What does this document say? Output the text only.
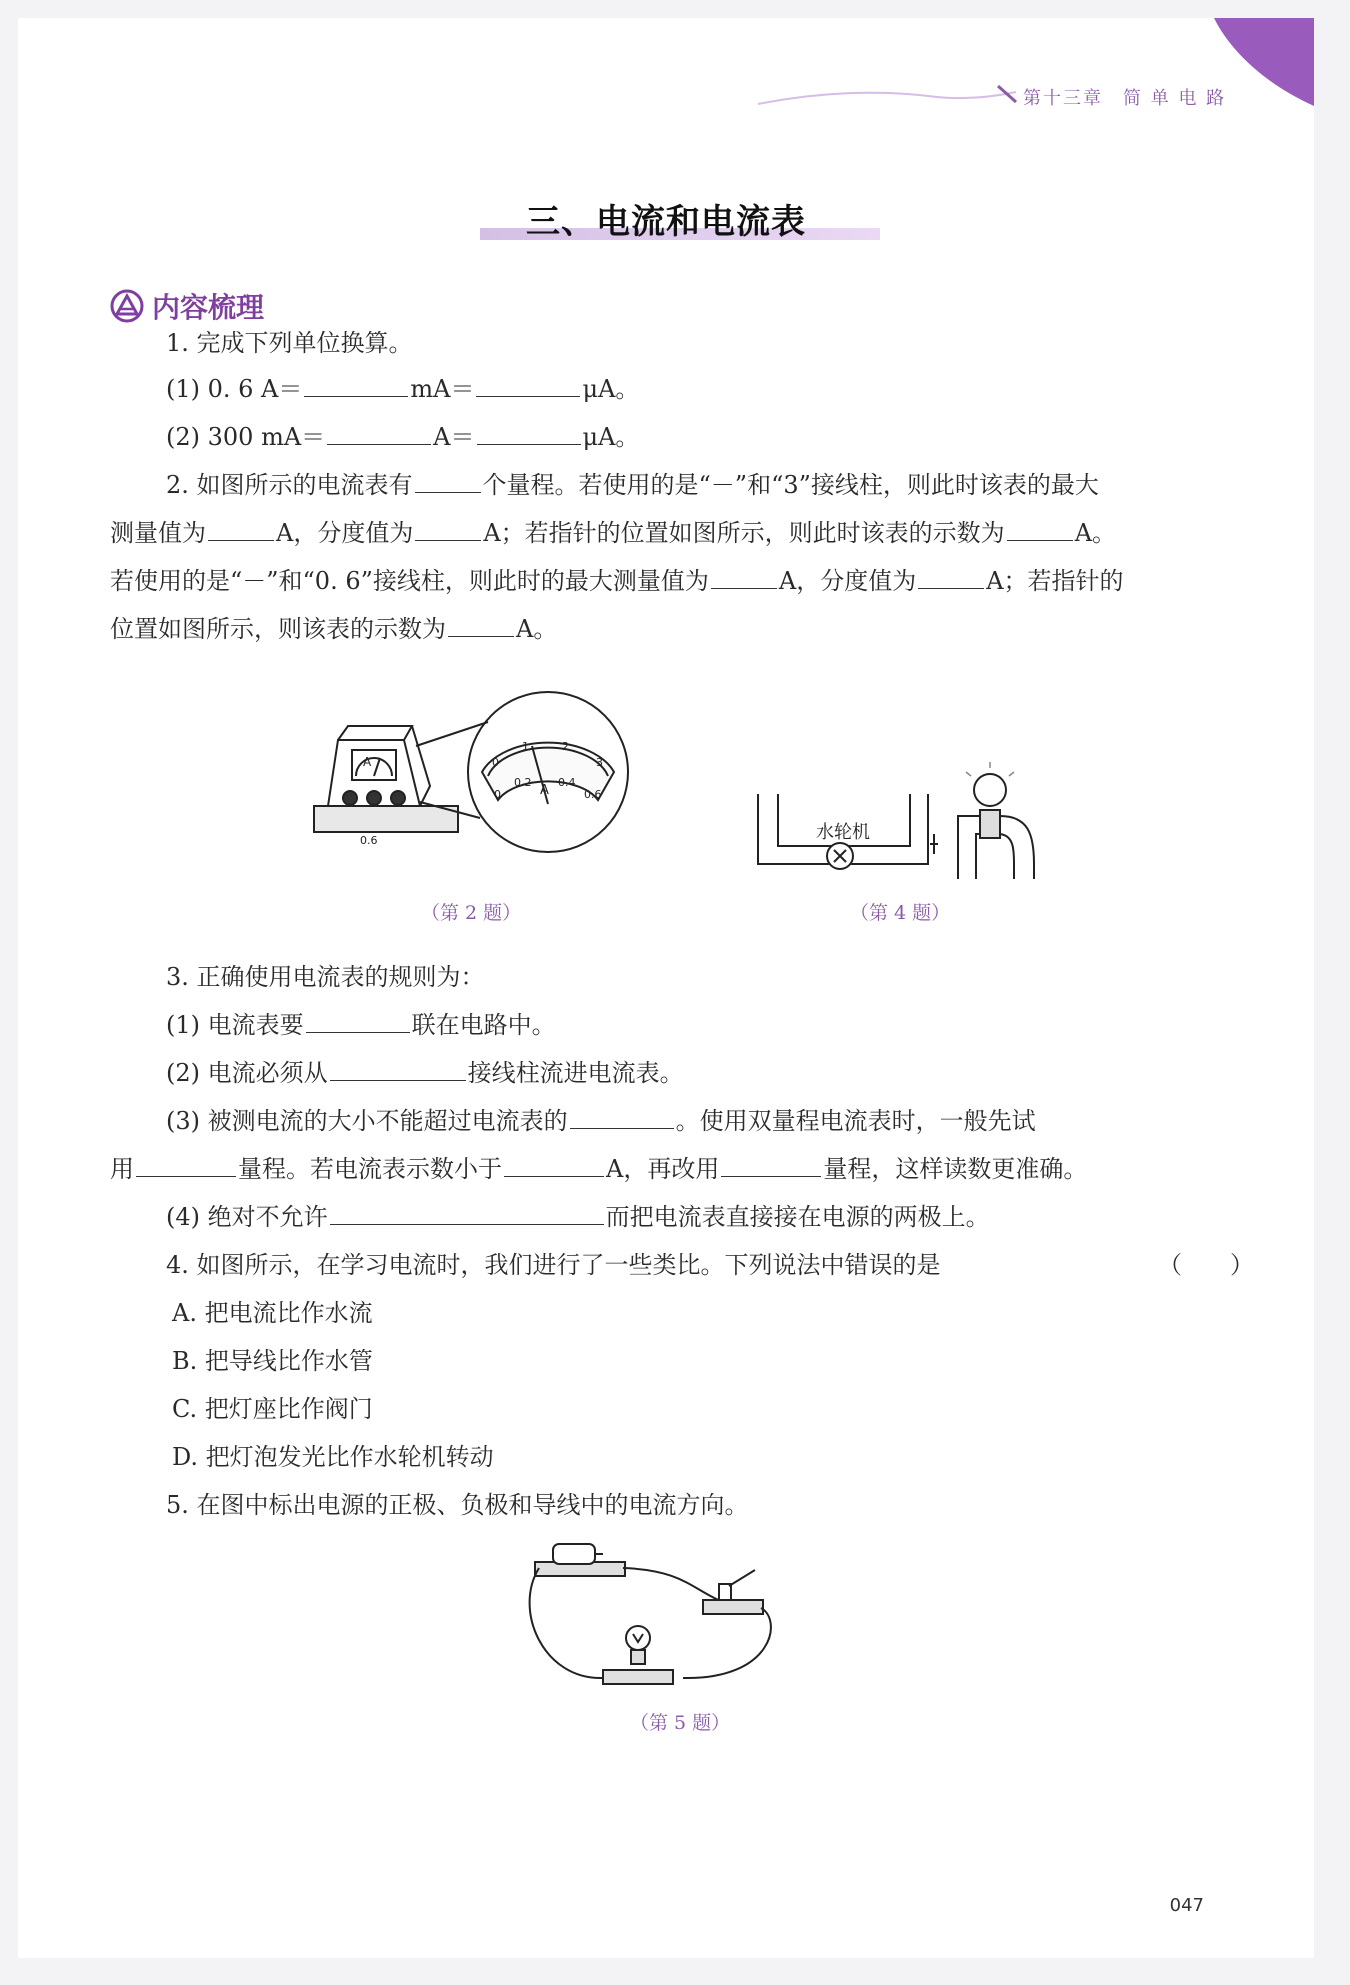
第十三章　简 单 电 路
三、电流和电流表
内容梳理
1. 完成下列单位换算。
(1) 0. 6 A＝	mA＝	μA。
(2) 300 mA＝	A＝	μA。
2. 如图所示的电流表有	个量程。若使用的是“－”和“3”接线柱，则此时该表的最大
测量值为	A，分度值为	A；若指针的位置如图所示，则此时该表的示数为	A。
若使用的是“－”和“0. 6”接线柱，则此时的最大测量值为	A，分度值为	A；若指针的
位置如图所示，则该表的示数为	A。
A
0.6
0
1	2
3
0
0.2
A
0.4
0.6
（第 2 题）
水轮机
（第 4 题）
3. 正确使用电流表的规则为：
(1) 电流表要	联在电路中。
(2) 电流必须从	接线柱流进电流表。
(3) 被测电流的大小不能超过电流表的	。使用双量程电流表时，一般先试
用	量程。若电流表示数小于	A，再改用	量程，这样读数更准确。
(4) 绝对不允许	而把电流表直接接在电源的两极上。
4. 如图所示，在学习电流时，我们进行了一些类比。下列说法中错误的是	（　　）
A. 把电流比作水流
B. 把导线比作水管
C. 把灯座比作阀门
D. 把灯泡发光比作水轮机转动
5. 在图中标出电源的正极、负极和导线中的电流方向。
（第 5 题）
047
